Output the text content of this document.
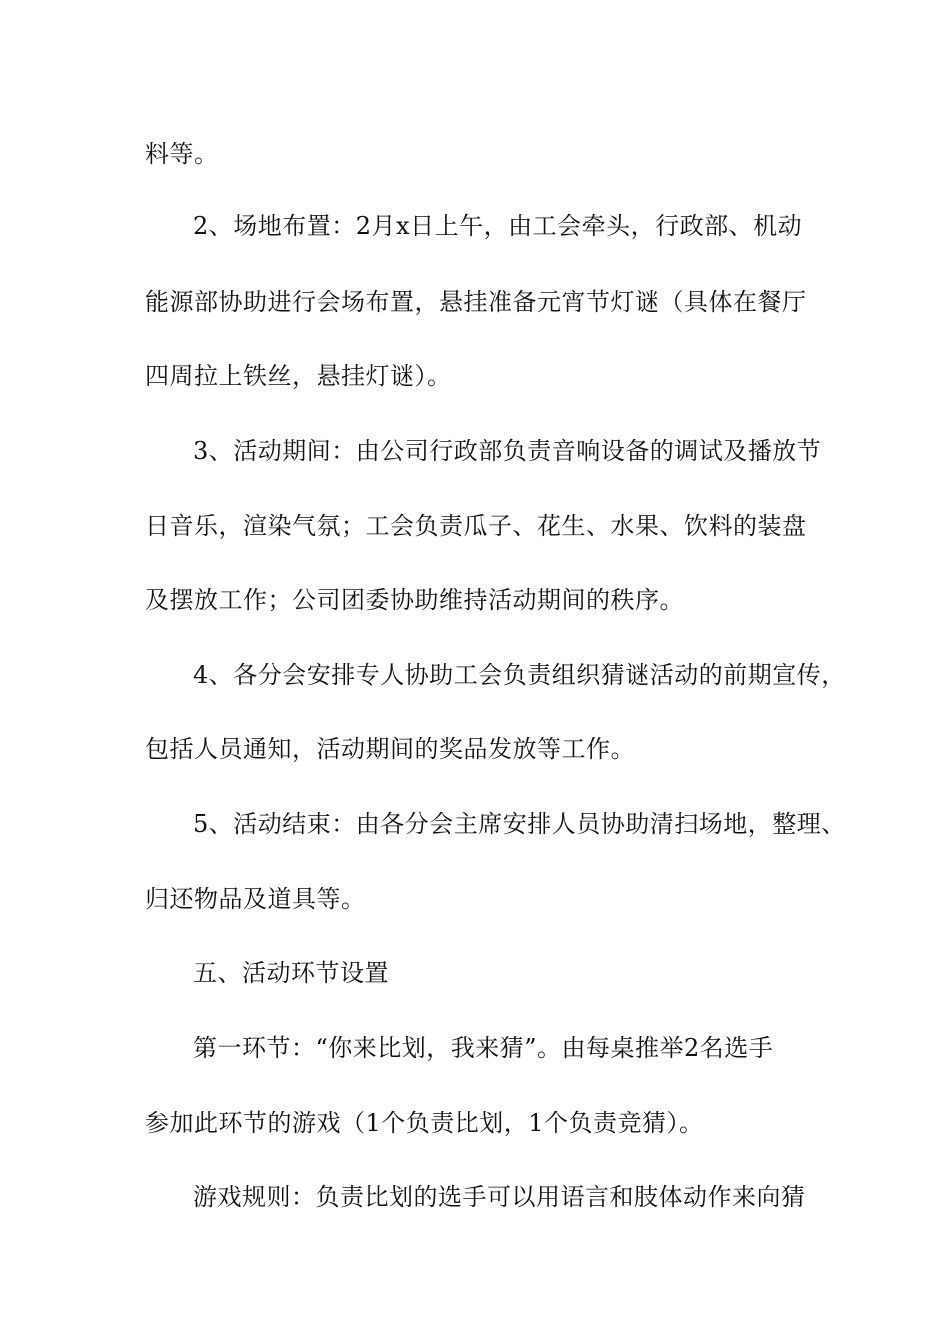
料等。
2、场地布置：2月x日上午，由工会牵头，行政部、机动
能源部协助进行会场布置，悬挂准备元宵节灯谜（具体在餐厅
四周拉上铁丝，悬挂灯谜）。
3、活动期间：由公司行政部负责音响设备的调试及播放节
日音乐，渲染气氛；工会负责瓜子、花生、水果、饮料的装盘
及摆放工作；公司团委协助维持活动期间的秩序。
4、各分会安排专人协助工会负责组织猜谜活动的前期宣传，
包括人员通知，活动期间的奖品发放等工作。
5、活动结束：由各分会主席安排人员协助清扫场地，整理、
归还物品及道具等。
五、活动环节设置
第一环节：“你来比划，我来猜”。由每桌推举2名选手
参加此环节的游戏（1个负责比划，1个负责竞猜）。
游戏规则：负责比划的选手可以用语言和肢体动作来向猜
